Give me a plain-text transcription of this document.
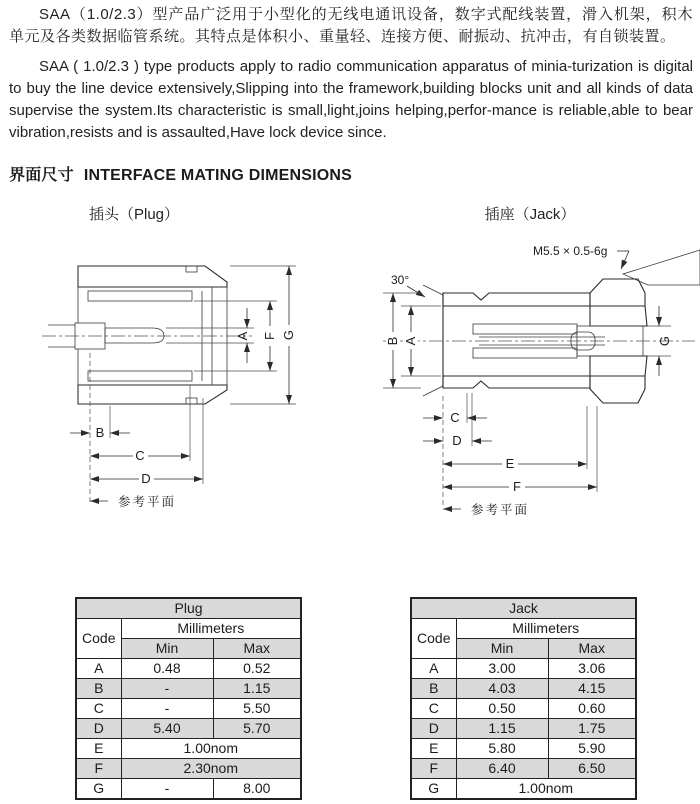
SAA（1.0/2.3）型产品广泛用于小型化的无线电通讯设备，数字式配线装置，滑入机架，积木单元及各类数据临管系统。其特点是体积小、重量轻、连接方便、耐振动、抗冲击，有自锁装置。
SAA ( 1.0/2.3 ) type products apply to radio communication apparatus of minia-turization is digital to buy the line device extensively,Slipping into the framework,building blocks unit and all kinds of data supervise the system.Its characteristic is small,light,joins helping,perfor-mance is reliable,able to bear vibration,resists and is assaulted,Have lock device since.
界面尺寸 INTERFACE MATING DIMENSIONS
插头（Plug）	插座（Jack）
A F G
B
C
D
参考平面
M5.5 × 0.5-6g
30°
B A	G
C
D
E
F
参考平面
Plug		
Code	Millimeters	
	Min	Max
A	0.48	0.52
B	-	1.15
C	-	5.50
D	5.40	5.70
E	1.00nom	
F	2.30nom	
G	-	8.00
Jack		
Code	Millimeters	
	Min	Max
A	3.00	3.06
B	4.03	4.15
C	0.50	0.60
D	1.15	1.75
E	5.80	5.90
F	6.40	6.50
G	1.00nom	
